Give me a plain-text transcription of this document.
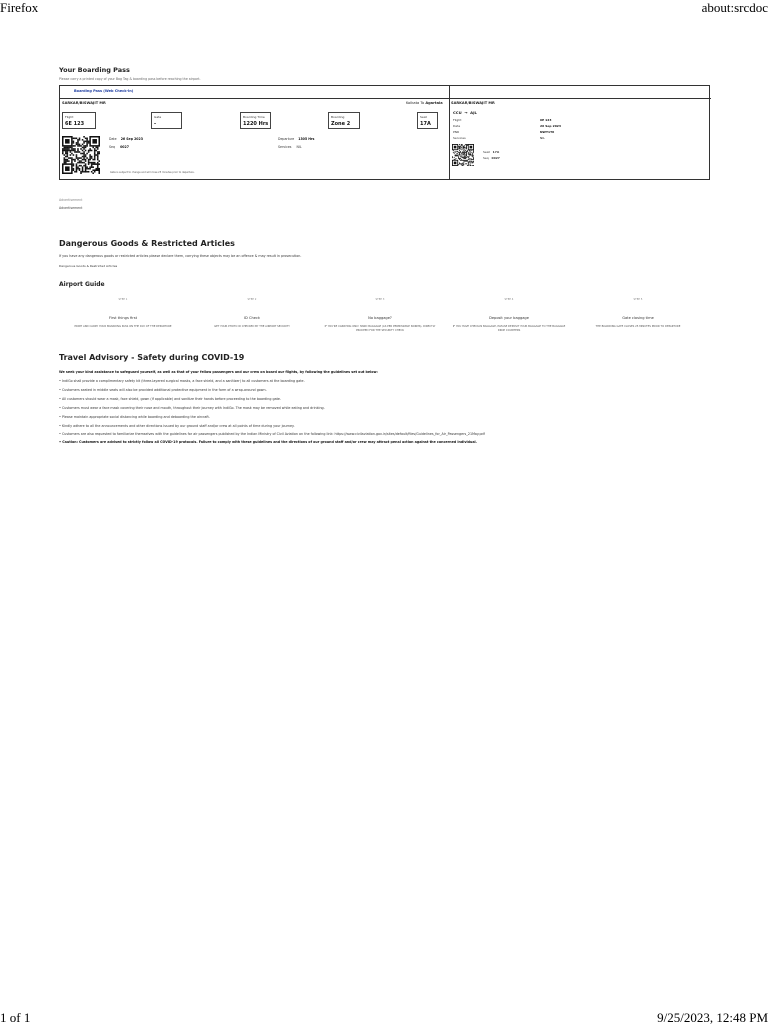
Firefox	about:srcdoc
1 of 1	9/25/2023, 12:48 PM
Your Boarding Pass
Please carry a printed copy of your Bag Tag & boarding pass before reaching the airport.
Boarding Pass (Web Check-in)
SARKAR/BISWAJIT MR	Kolkata To Agartala
Flight
6E 123
Gate
-
Boarding Time
1220 Hrs
Boarding
Zone 2
Seat
17A
Date 26 Sep 2023
Seq 0027
Departure 1305 Hrs
Services NIL
Gate is subject to change and will close 25 minutes prior to departure.
SARKAR/BISWAJIT MR
CCU → AJL
Flight	6E 123
Date	26 Sep 2023
PNR	NWY1T6
Services	NIL
Seat 17A
Seq 0027
Advertisement
Advertisement
Dangerous Goods & Restricted Articles
If you have any dangerous goods or restricted articles please declare them, carrying these objects may be an offence & may result in prosecution.
Dangerous Goods & Restricted Articles
Airport Guide
STEP 1
First things first
PRINT AND CARRY YOUR BOARDING PASS ON THE DAY OF THE DEPARTURE
STEP 2
ID Check
GET YOUR PHOTO ID CHECKED BY THE AIRPORT SECURITY
STEP 3
No baggage?
IF YOU'RE CARRYING ONLY HAND BAGGAGE (AS PER PERMISSIBLE NORMS), DIRECTLY PROCEED FOR THE SECURITY CHECK
STEP 4
Deposit your baggage
IF YOU HAVE CHECK-IN BAGGAGE, PLEASE DEPOSIT YOUR BAGGAGE TO THE BAGGAGE DROP COUNTERS
STEP 5
Gate closing time
THE BOARDING GATE CLOSES 25 MINUTES PRIOR TO DEPARTURE
Travel Advisory - Safety during COVID-19
We seek your kind assistance to safeguard yourself, as well as that of your fellow passengers and our crew on board our flights, by following the guidelines set out below:
• IndiGo shall provide a complimentary safety kit (three-layered surgical masks, a face shield, and a sanitizer) to all customers at the boarding gate.
• Customers seated in middle seats will also be provided additional protective equipment in the form of a wrap-around gown.
• All customers should wear a mask, face shield, gown (if applicable) and sanitize their hands before proceeding to the boarding gate.
• Customers must wear a face mask covering their nose and mouth, throughout their journey with IndiGo. The mask may be removed while eating and drinking.
• Please maintain appropriate social distancing while boarding and deboarding the aircraft.
• Kindly adhere to all the announcements and other directions issued by our ground staff and/or crew at all points of time during your journey.
• Customers are also requested to familiarize themselves with the guidelines for air passengers published by the Indian Ministry of Civil Aviation on the following link: https://www.civilaviation.gov.in/sites/default/files/Guidelines_for_Air_Passengers_21May.pdf
• Caution: Customers are advised to strictly follow all COVID-19 protocols. Failure to comply with these guidelines and the directions of our ground staff and/or crew may attract penal action against the concerned individual.
